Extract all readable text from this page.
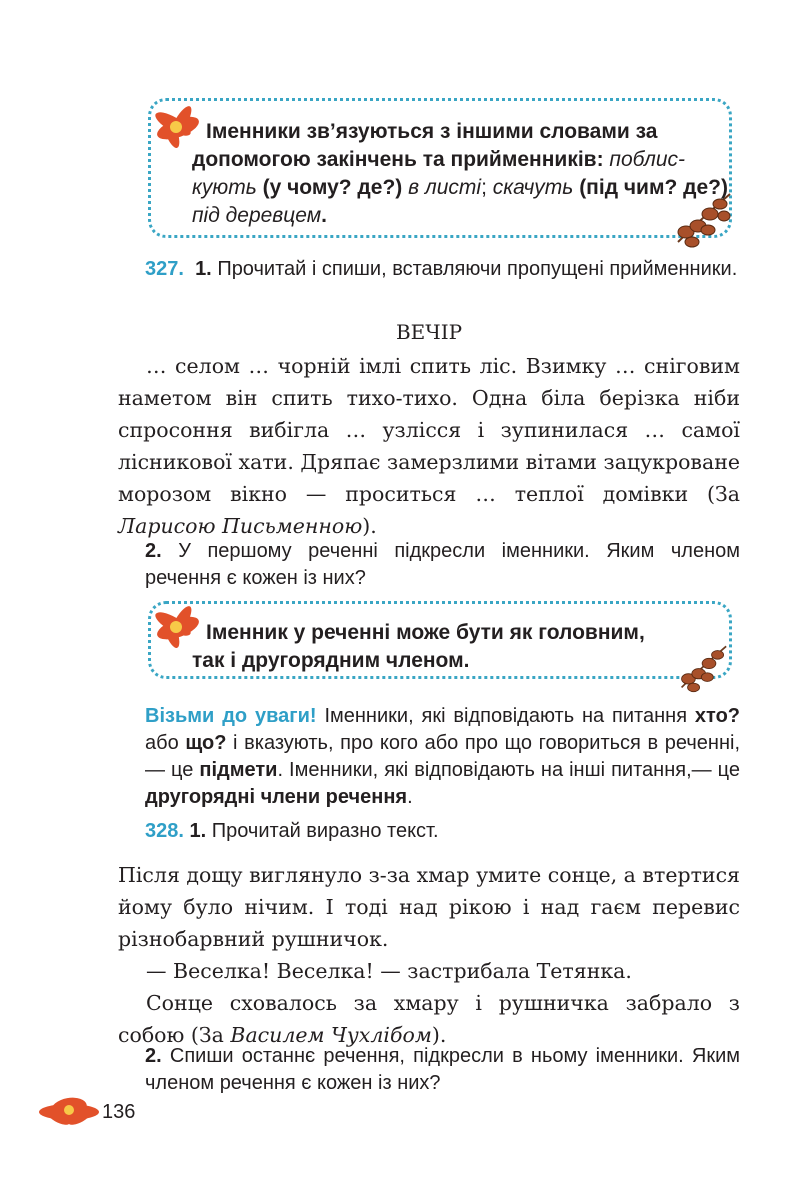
Іменники зв’язуються з іншими словами за
допомогою закінчень та прийменників: поблис-
кують (у чому? де?) в листі; скачуть (під чим? де?)
під деревцем.
327. 1. Прочитай і спиши, вставляючи пропущені прийменники.
ВЕЧІР

… селом … чорній імлі спить ліс. Взимку … сніговим наметом він спить тихо-тихо. Одна біла берізка ніби спросоння вибігла … узлісся і зупинилася … самої лісникової хати. Дряпає замерзлими вітами зацукроване морозом вікно — проситься … теплої домівки (За Ларисою Письменною).

2. У першому реченні підкресли іменники. Яким членом речення є кожен із них?
Іменник у реченні може бути як головним,
так і другорядним членом.
Візьми до уваги! Іменники, які відповідають на питання хто? або що? і вказують, про кого або про що говориться в реченні,— це підмети. Іменники, які відповідають на інші питання,— це другорядні члени речення.
328. 1. Прочитай виразно текст.

Після дощу виглянуло з-за хмар умите сонце, а втертися йому було нічим. І тоді над рікою і над гаєм перевис різнобарвний рушничок.

— Веселка! Веселка! — застрибала Тетянка.

Сонце сховалось за хмару і рушничка забрало з собою (За Василем Чухлібом).

2. Спиши останнє речення, підкресли в ньому іменники. Яким членом речення є кожен із них?
136
